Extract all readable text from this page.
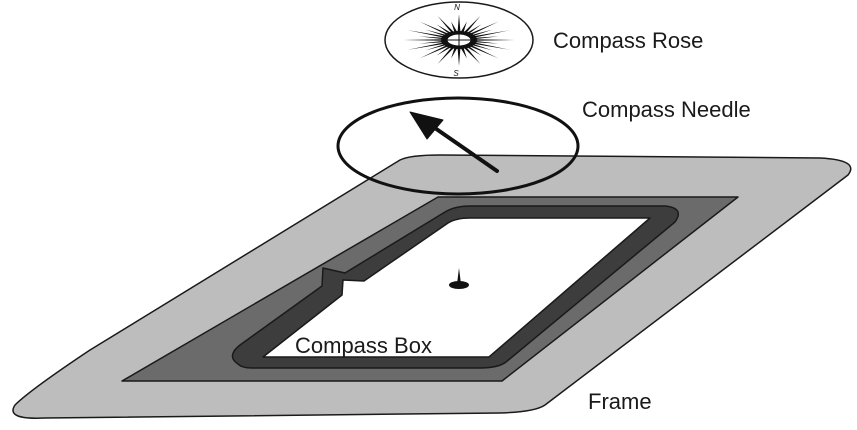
N
S
Compass Rose
Compass Needle
Compass Box
Frame
